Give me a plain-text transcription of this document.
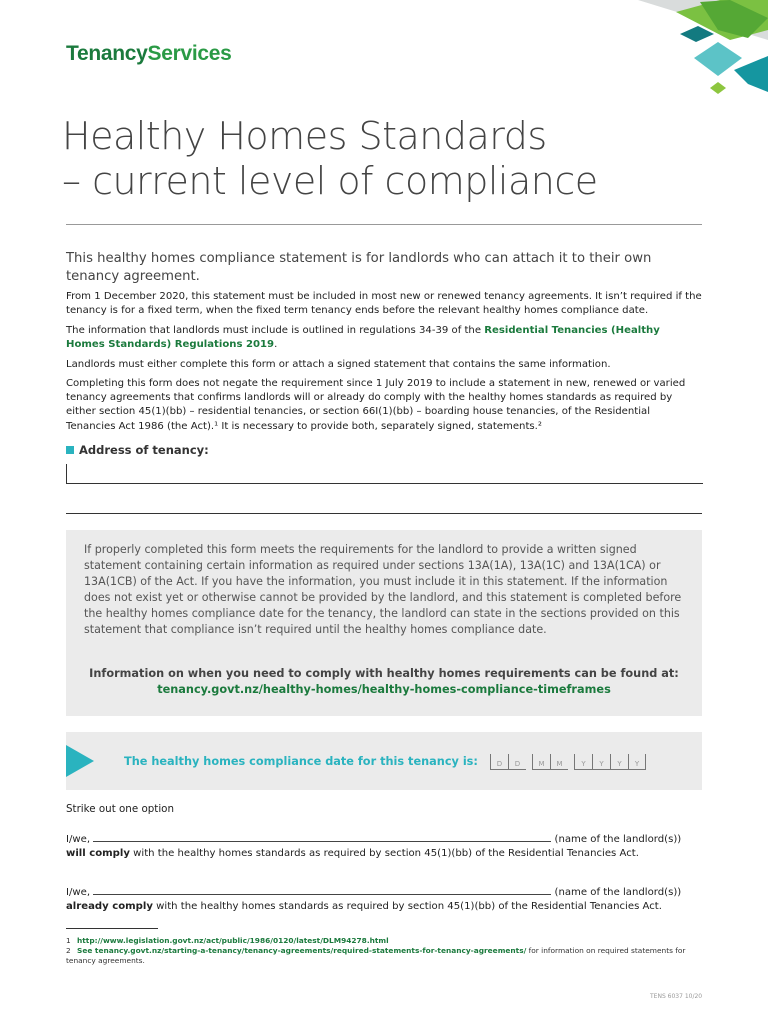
TenancyServices
Healthy Homes Standards
– current level of compliance
This healthy homes compliance statement is for landlords who can attach it to their own tenancy agreement.
From 1 December 2020, this statement must be included in most new or renewed tenancy agreements. It isn’t required if the tenancy is for a fixed term, when the fixed term tenancy ends before the relevant healthy homes compliance date.
The information that landlords must include is outlined in regulations 34-39 of the Residential Tenancies (Healthy Homes Standards) Regulations 2019.
Landlords must either complete this form or attach a signed statement that contains the same information.
Completing this form does not negate the requirement since 1 July 2019 to include a statement in new, renewed or varied tenancy agreements that confirms landlords will or already do comply with the healthy homes standards as required by either section 45(1)(bb) – residential tenancies, or section 66I(1)(bb) – boarding house tenancies, of the Residential Tenancies Act 1986 (the Act).¹ It is necessary to provide both, separately signed, statements.²
Address of tenancy:
If properly completed this form meets the requirements for the landlord to provide a written signed statement containing certain information as required under sections 13A(1A), 13A(1C) and 13A(1CA) or 13A(1CB) of the Act. If you have the information, you must include it in this statement. If the information does not exist yet or otherwise cannot be provided by the landlord, and this statement is completed before the healthy homes compliance date for the tenancy, the landlord can state in the sections provided on this statement that compliance isn’t required until the healthy homes compliance date.
Information on when you need to comply with healthy homes requirements can be found at:
tenancy.govt.nz/healthy-homes/healthy-homes-compliance-timeframes
The healthy homes compliance date for this tenancy is:	D	D	M	M	Y	Y	Y	Y
Strike out one option
I/we,	(name of the landlord(s))
will comply with the healthy homes standards as required by section 45(1)(bb) of the Residential Tenancies Act.
I/we,	(name of the landlord(s))
already comply with the healthy homes standards as required by section 45(1)(bb) of the Residential Tenancies Act.
1 http://www.legislation.govt.nz/act/public/1986/0120/latest/DLM94278.html
2 See tenancy.govt.nz/starting-a-tenancy/tenancy-agreements/required-statements-for-tenancy-agreements/ for information on required statements for tenancy agreements.
TENS 6037 10/20
